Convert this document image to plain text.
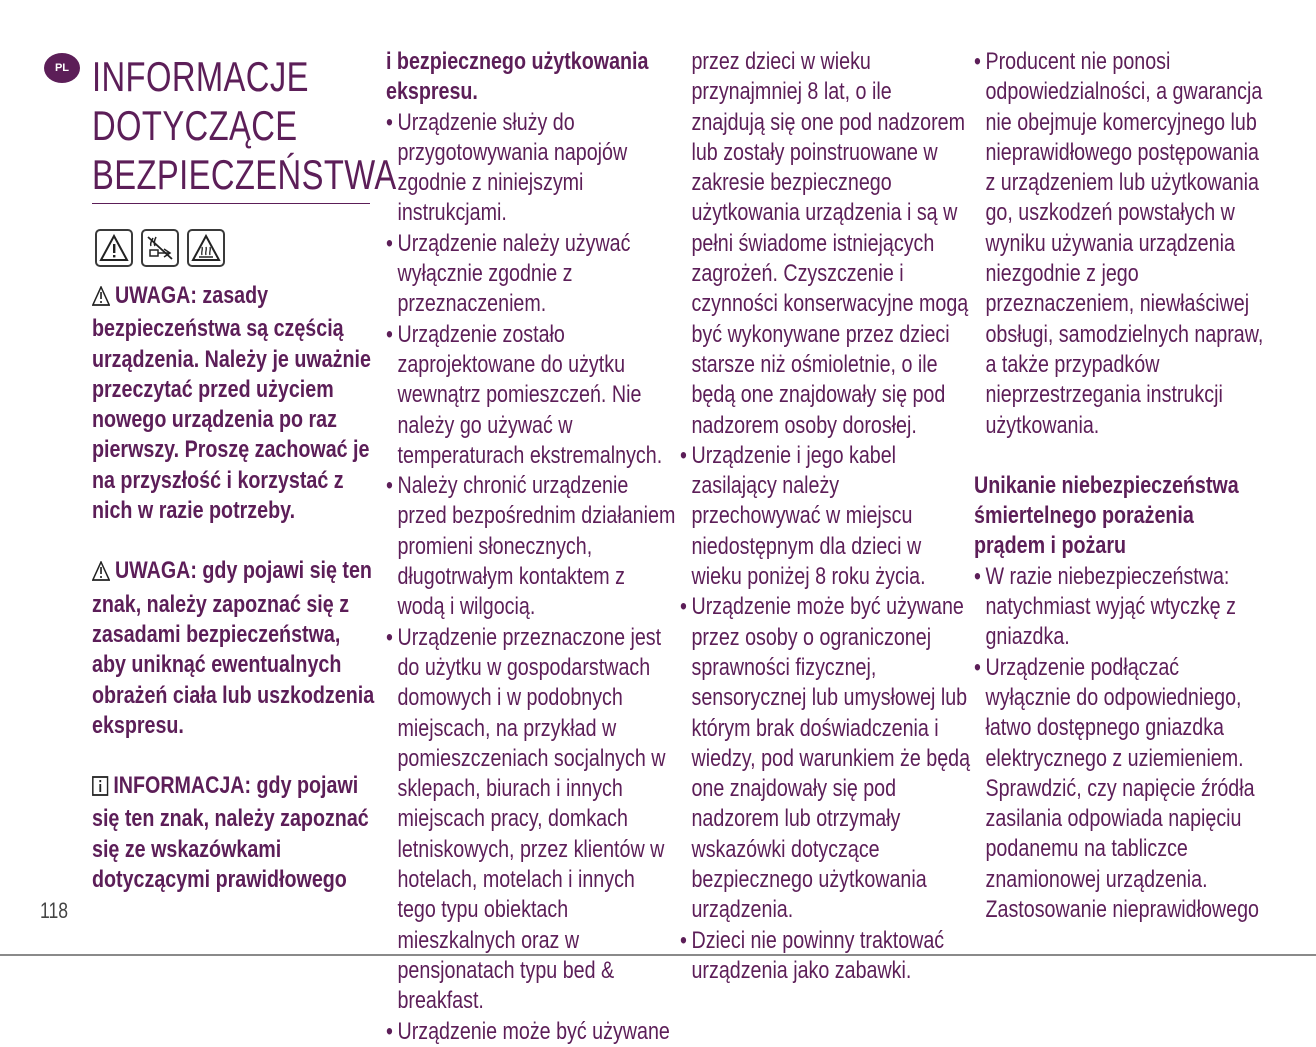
PL INFORMACJE
DOTYCZĄCE
BEZPIECZEŃSTWA

UWAGA: zasady bezpieczeństwa są częścią urządzenia. Należy je uważnie przeczytać przed użyciem nowego urządzenia po raz pierwszy. Proszę zachować je na przyszłość i korzystać z nich w razie potrzeby.

UWAGA: gdy pojawi się ten znak, należy zapoznać się z zasadami bezpieczeństwa, aby uniknąć ewentualnych obrażeń ciała lub uszkodzenia ekspresu.

INFORMACJA: gdy pojawi się ten znak, należy zapoznać się ze wskazówkami dotyczącymi prawidłowego

i bezpiecznego użytkowania ekspresu.

• Urządzenie służy do przygotowywania napojów zgodnie z niniejszymi instrukcjami.
• Urządzenie należy używać wyłącznie zgodnie z przeznaczeniem.
• Urządzenie zostało zaprojektowane do użytku wewnątrz pomieszczeń. Nie należy go używać w temperaturach ekstremalnych.
• Należy chronić urządzenie przed bezpośrednim działaniem promieni słonecznych, długotrwałym kontaktem z wodą i wilgocią.
• Urządzenie przeznaczone jest do użytku w gospodarstwach domowych i w podobnych miejscach, na przykład w pomieszczeniach socjalnych w sklepach, biurach i innych miejscach pracy, domkach letniskowych, przez klientów w hotelach, motelach i innych tego typu obiektach mieszkalnych oraz w pensjonatach typu bed & breakfast.
• Urządzenie może być używane
przez dzieci w wieku przynajmniej 8 lat, o ile znajdują się one pod nadzorem lub zostały poinstruowane w zakresie bezpiecznego użytkowania urządzenia i są w pełni świadome istniejących zagrożeń. Czyszczenie i czynności konserwacyjne mogą być wykonywane przez dzieci starsze niż ośmioletnie, o ile będą one znajdowały się pod nadzorem osoby dorosłej.
• Urządzenie i jego kabel zasilający należy przechowywać w miejscu niedostępnym dla dzieci w wieku poniżej 8 roku życia.
• Urządzenie może być używane przez osoby o ograniczonej sprawności fizycznej, sensorycznej lub umysłowej lub którym brak doświadczenia i wiedzy, pod warunkiem że będą one znajdowały się pod nadzorem lub otrzymały wskazówki dotyczące bezpiecznego użytkowania urządzenia.
• Dzieci nie powinny traktować urządzenia jako zabawki.
• Producent nie ponosi odpowiedzialności, a gwarancja nie obejmuje komercyjnego lub nieprawidłowego postępowania z urządzeniem lub użytkowania go, uszkodzeń powstałych w wyniku używania urządzenia niezgodnie z jego przeznaczeniem, niewłaściwej obsługi, samodzielnych napraw, a także przypadków nieprzestrzegania instrukcji użytkowania.

Unikanie niebezpieczeństwa śmiertelnego porażenia prądem i pożaru

• W razie niebezpieczeństwa: natychmiast wyjąć wtyczkę z gniazdka.
• Urządzenie podłączać wyłącznie do odpowiedniego, łatwo dostępnego gniazdka elektrycznego z uziemieniem. Sprawdzić, czy napięcie źródła zasilania odpowiada napięciu podanemu na tabliczce znamionowej urządzenia. Zastosowanie nieprawidłowego
118
